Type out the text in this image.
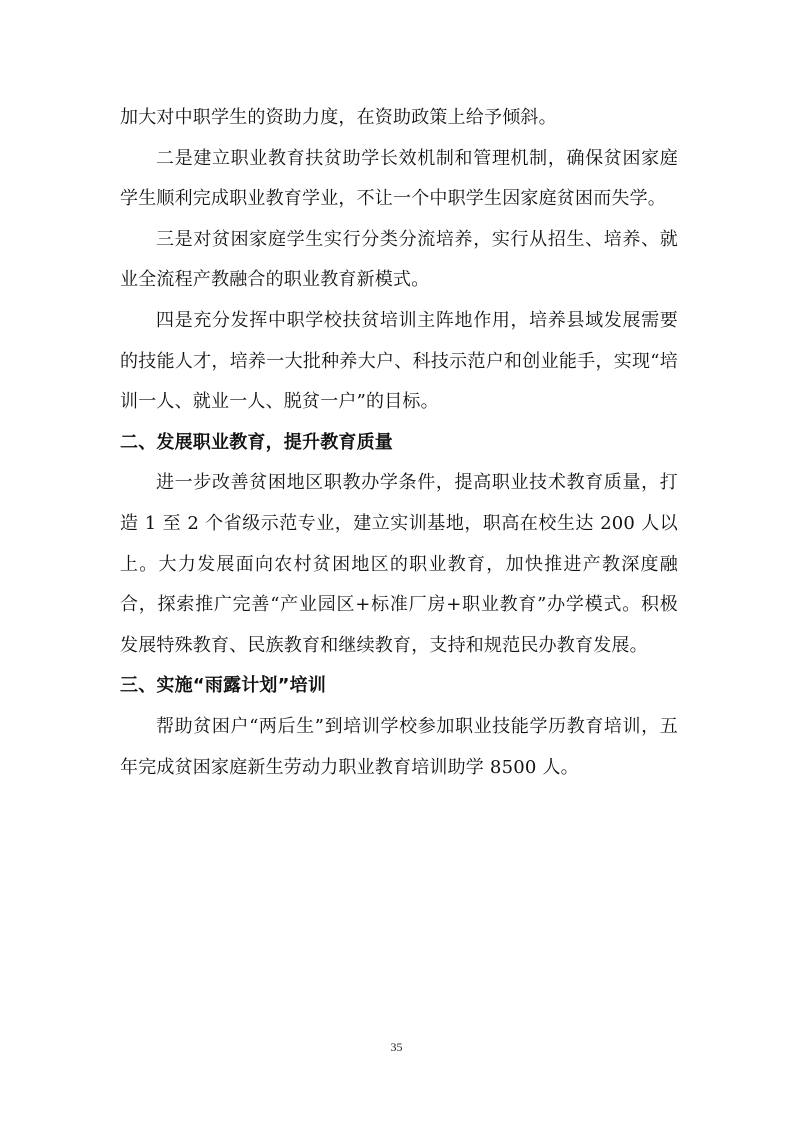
加大对中职学生的资助力度，在资助政策上给予倾斜。

二是建立职业教育扶贫助学长效机制和管理机制，确保贫困家庭学生顺利完成职业教育学业，不让一个中职学生因家庭贫困而失学。

三是对贫困家庭学生实行分类分流培养，实行从招生、培养、就业全流程产教融合的职业教育新模式。

四是充分发挥中职学校扶贫培训主阵地作用，培养县域发展需要的技能人才，培养一大批种养大户、科技示范户和创业能手，实现“培训一人、就业一人、脱贫一户”的目标。

二、发展职业教育，提升教育质量

进一步改善贫困地区职教办学条件，提高职业技术教育质量，打造 1 至 2 个省级示范专业，建立实训基地，职高在校生达 200 人以上。大力发展面向农村贫困地区的职业教育，加快推进产教深度融合，探索推广完善“产业园区+标准厂房+职业教育”办学模式。积极发展特殊教育、民族教育和继续教育，支持和规范民办教育发展。

三、实施“雨露计划”培训

帮助贫困户“两后生”到培训学校参加职业技能学历教育培训，五年完成贫困家庭新生劳动力职业教育培训助学 8500 人。

35
